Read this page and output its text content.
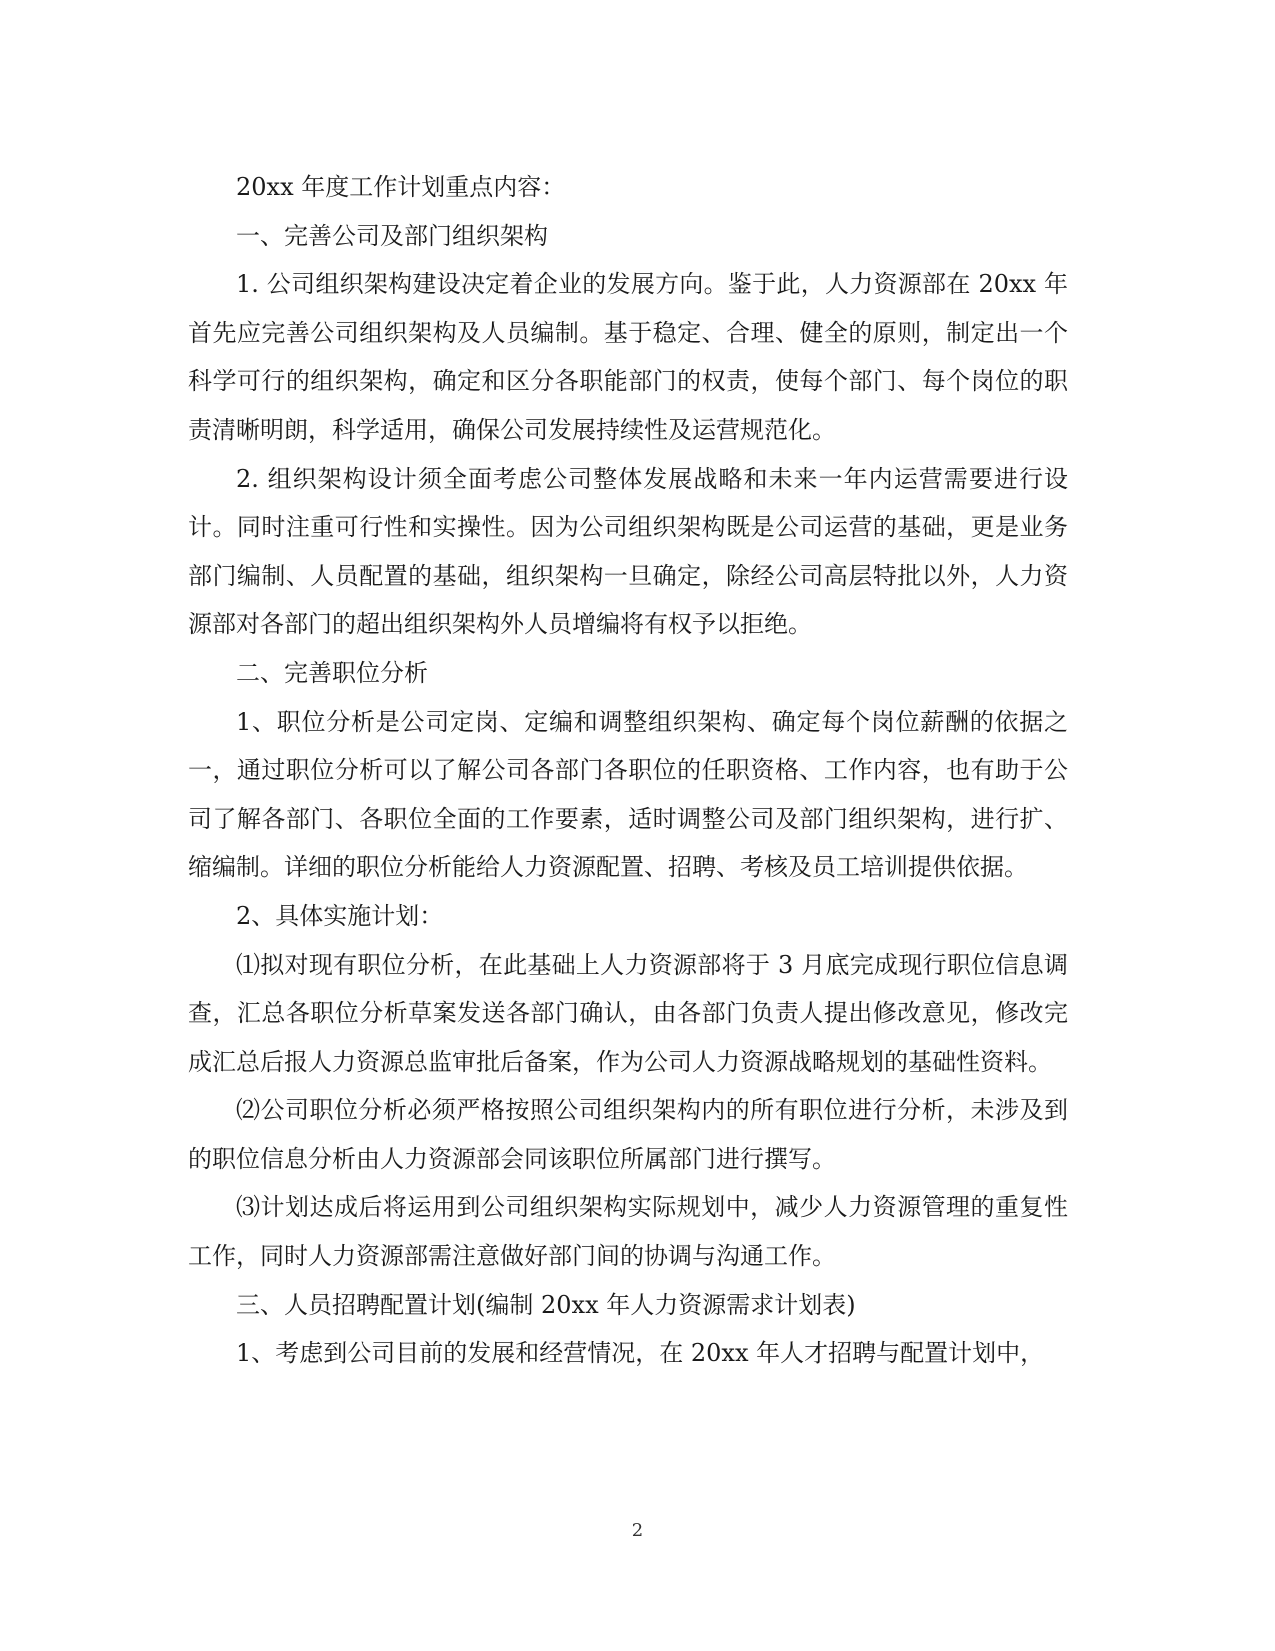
20xx 年度工作计划重点内容：

一、完善公司及部门组织架构

1. 公司组织架构建设决定着企业的发展方向。鉴于此，人力资源部在 20xx 年首先应完善公司组织架构及人员编制。基于稳定、合理、健全的原则，制定出一个科学可行的组织架构，确定和区分各职能部门的权责，使每个部门、每个岗位的职责清晰明朗，科学适用，确保公司发展持续性及运营规范化。

2. 组织架构设计须全面考虑公司整体发展战略和未来一年内运营需要进行设计。同时注重可行性和实操性。因为公司组织架构既是公司运营的基础，更是业务部门编制、人员配置的基础，组织架构一旦确定，除经公司高层特批以外，人力资源部对各部门的超出组织架构外人员增编将有权予以拒绝。

二、完善职位分析

1、职位分析是公司定岗、定编和调整组织架构、确定每个岗位薪酬的依据之一，通过职位分析可以了解公司各部门各职位的任职资格、工作内容，也有助于公司了解各部门、各职位全面的工作要素，适时调整公司及部门组织架构，进行扩、缩编制。详细的职位分析能给人力资源配置、招聘、考核及员工培训提供依据。

2、具体实施计划：

⑴拟对现有职位分析，在此基础上人力资源部将于 3 月底完成现行职位信息调查，汇总各职位分析草案发送各部门确认，由各部门负责人提出修改意见，修改完成汇总后报人力资源总监审批后备案，作为公司人力资源战略规划的基础性资料。

⑵公司职位分析必须严格按照公司组织架构内的所有职位进行分析，未涉及到的职位信息分析由人力资源部会同该职位所属部门进行撰写。

⑶计划达成后将运用到公司组织架构实际规划中，减少人力资源管理的重复性工作，同时人力资源部需注意做好部门间的协调与沟通工作。

三、人员招聘配置计划(编制 20xx 年人力资源需求计划表)

1、考虑到公司目前的发展和经营情况，在 20xx 年人才招聘与配置计划中，

2
